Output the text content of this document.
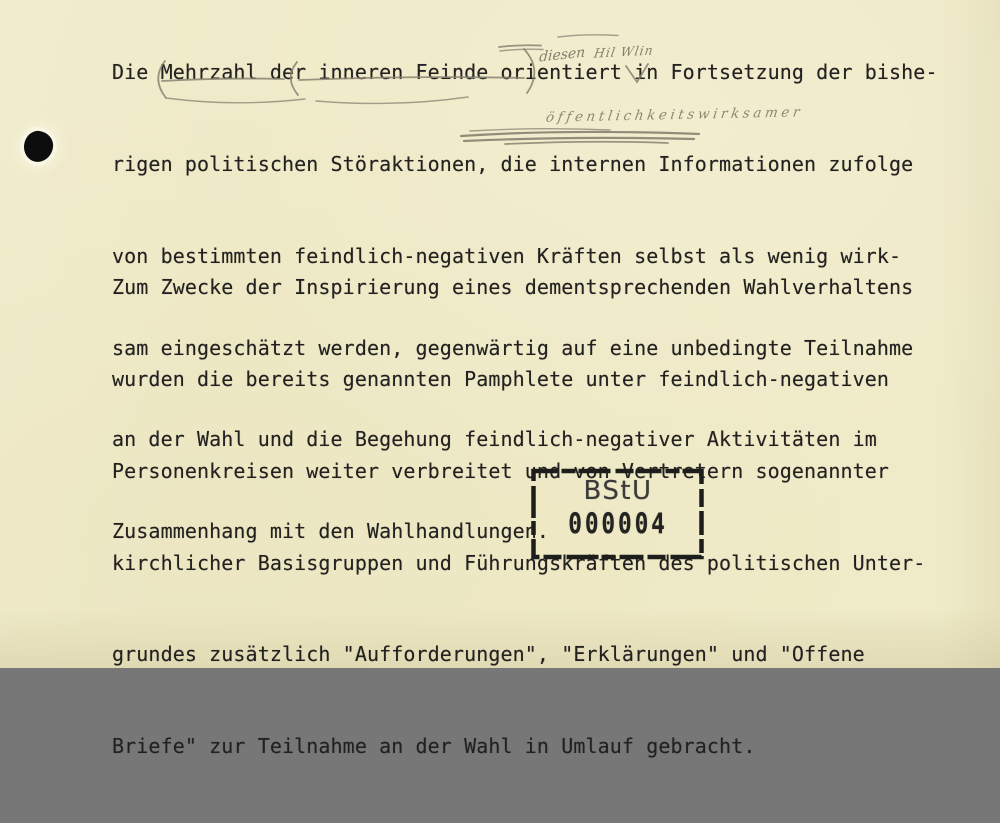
Die Mehrzahl der inneren Feinde orientiert in Fortsetzung der bishe-

rigen politischen Störaktionen, die internen Informationen zufolge

von bestimmten feindlich-negativen Kräften selbst als wenig wirk-

sam eingeschätzt werden, gegenwärtig auf eine unbedingte Teilnahme

an der Wahl und die Begehung feindlich-negativer Aktivitäten im

Zusammenhang mit den Wahlhandlungen.

Zum Zwecke der Inspirierung eines dementsprechenden Wahlverhaltens

wurden die bereits genannten Pamphlete unter feindlich-negativen

Personenkreisen weiter verbreitet und von Vertretern sogenannter

kirchlicher Basisgruppen und Führungskräften des politischen Unter-

grundes zusätzlich "Aufforderungen", "Erklärungen" und "Offene

Briefe" zur Teilnahme an der Wahl in Umlauf gebracht.

diesen Hil Wlin
öffentlichkeitswirksamer
BStU
000004
